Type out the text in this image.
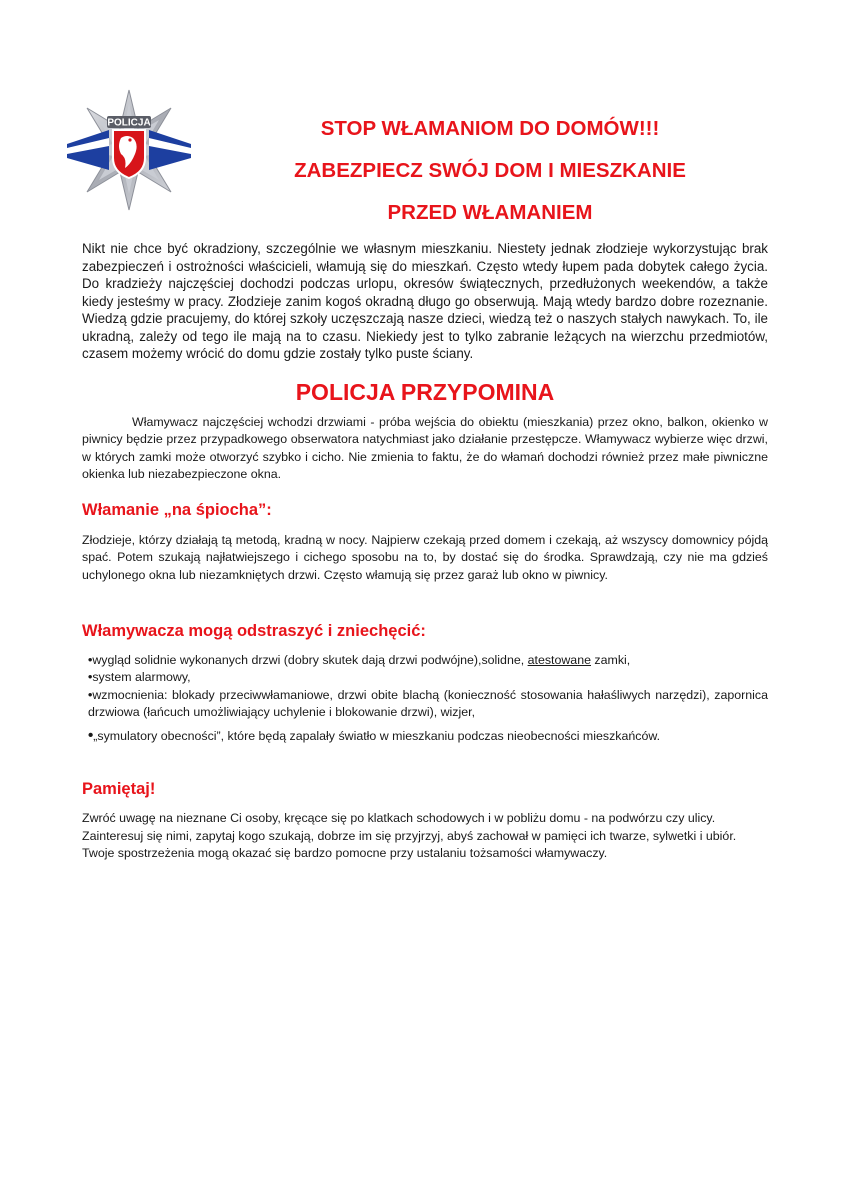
POLICJA	STOP WŁAMANIOM DO DOMÓW!!!

ZABEZPIECZ SWÓJ DOM I MIESZKANIE

PRZED WŁAMANIEM

Nikt nie chce być okradziony, szczególnie we własnym mieszkaniu. Niestety jednak złodzieje wykorzystując brak zabezpieczeń i ostrożności właścicieli, włamują się do mieszkań. Często wtedy łupem pada dobytek całego życia. Do kradzieży najczęściej dochodzi podczas urlopu, okresów świątecznych, przedłużonych weekendów, a także kiedy jesteśmy w pracy. Złodzieje zanim kogoś okradną długo go obserwują. Mają wtedy bardzo dobre rozeznanie. Wiedzą gdzie pracujemy, do której szkoły uczęszczają nasze dzieci, wiedzą też o naszych stałych nawykach. To, ile ukradną, zależy od tego ile mają na to czasu. Niekiedy jest to tylko zabranie leżących na wierzchu przedmiotów, czasem możemy wrócić do domu gdzie zostały tylko puste ściany.

POLICJA PRZYPOMINA

Włamywacz najczęściej wchodzi drzwiami - próba wejścia do obiektu (mieszkania) przez okno, balkon, okienko w piwnicy będzie przez przypadkowego obserwatora natychmiast jako działanie przestępcze. Włamywacz wybierze więc drzwi, w których zamki może otworzyć szybko i cicho. Nie zmienia to faktu, że do włamań dochodzi również przez małe piwniczne okienka lub niezabezpieczone okna.

Włamanie „na śpiocha”:

Złodzieje, którzy działają tą metodą, kradną w nocy. Najpierw czekają przed domem i czekają, aż wszyscy domownicy pójdą spać. Potem szukają najłatwiejszego i cichego sposobu na to, by dostać się do środka. Sprawdzają, czy nie ma gdzieś uchylonego okna lub niezamkniętych drzwi. Często włamują się przez garaż lub okno w piwnicy.

Włamywacza mogą odstraszyć i zniechęcić:
•wygląd solidnie wykonanych drzwi (dobry skutek dają drzwi podwójne),solidne, atestowane zamki,
•system alarmowy,
•wzmocnienia: blokady przeciwwłamaniowe, drzwi obite blachą (konieczność stosowania hałaśliwych narzędzi), zapornica drzwiowa (łańcuch umożliwiający uchylenie i blokowanie drzwi), wizjer,
•„symulatory obecności”, które będą zapalały światło w mieszkaniu podczas nieobecności mieszkańców.
Pamiętaj!

Zwróć uwagę na nieznane Ci osoby, kręcące się po klatkach schodowych i w pobliżu domu - na podwórzu czy ulicy.

Zainteresuj się nimi, zapytaj kogo szukają, dobrze im się przyjrzyj, abyś zachował w pamięci ich twarze, sylwetki i ubiór.

Twoje spostrzeżenia mogą okazać się bardzo pomocne przy ustalaniu tożsamości włamywaczy.
